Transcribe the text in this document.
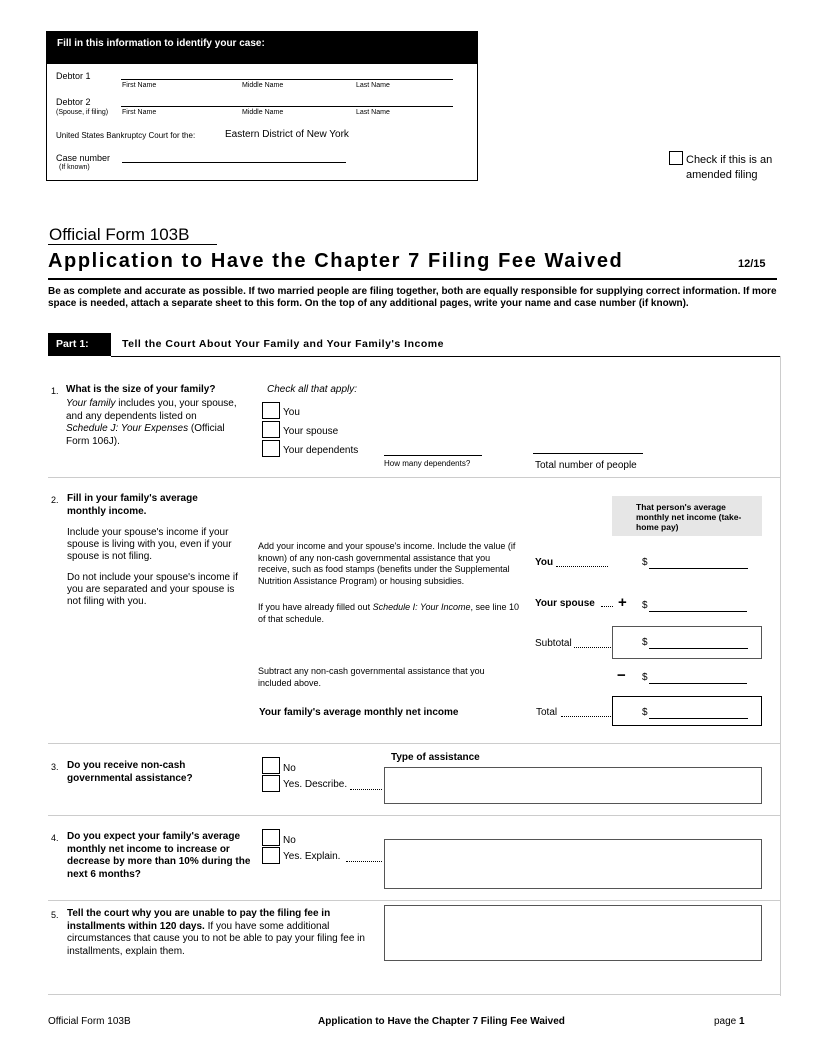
Fill in this information to identify your case:
Debtor 1
First Name	Middle Name	Last Name
Debtor 2
(Spouse, if filing) First Name	Middle Name	Last Name
United States Bankruptcy Court for the:	Eastern District of New York
Case number
(If known)
Check if this is an
amended filing
Official Form 103B
Application to Have the Chapter 7 Filing Fee Waived	12/15
Be as complete and accurate as possible. If two married people are filing together, both are equally responsible for supplying correct information. If more space is needed, attach a separate sheet to this form. On the top of any additional pages, write your name and case number (if known).
Part 1:	Tell the Court About Your Family and Your Family's Income
1. What is the size of your family?
Your family includes you, your spouse, and any dependents listed on Schedule J: Your Expenses (Official Form 106J).
Check all that apply:
You
Your spouse
Your dependents
How many dependents?	Total number of people
2. Fill in your family's average
monthly income.
Include your spouse's income if your spouse is living with you, even if your spouse is not filing.
Do not include your spouse's income if you are separated and your spouse is not filing with you.
Add your income and your spouse's income. Include the value (if known) of any non-cash governmental assistance that you receive, such as food stamps (benefits under the Supplemental Nutrition Assistance Program) or housing subsidies.
If you have already filled out Schedule I: Your Income, see line 10 of that schedule.
That person's average monthly net income (take-home pay)
You	$
Your spouse + $
Subtotal	$
Subtract any non-cash governmental assistance that you included above.	− $
Your family's average monthly net income	Total	$
3. Do you receive non-cash governmental assistance?
Type of assistance
No
Yes. Describe.
4. Do you expect your family's average monthly net income to increase or decrease by more than 10% during the next 6 months?
No
Yes. Explain.
5. Tell the court why you are unable to pay the filing fee in installments within 120 days. If you have some additional circumstances that cause you to not be able to pay your filing fee in installments, explain them.
Official Form 103B	Application to Have the Chapter 7 Filing Fee Waived	page 1
